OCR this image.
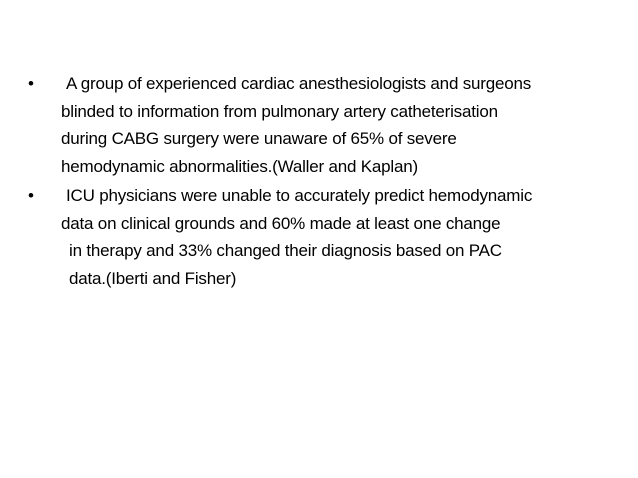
•	A group of experienced cardiac anesthesiologists and surgeons
blinded to information from pulmonary artery catheterisation
during CABG surgery were unaware of 65% of severe
hemodynamic abnormalities.(Waller and Kaplan)
•	ICU physicians were unable to accurately predict hemodynamic
data on clinical grounds and 60% made at least one change
in therapy and 33% changed their diagnosis based on PAC
data.(Iberti and Fisher)
